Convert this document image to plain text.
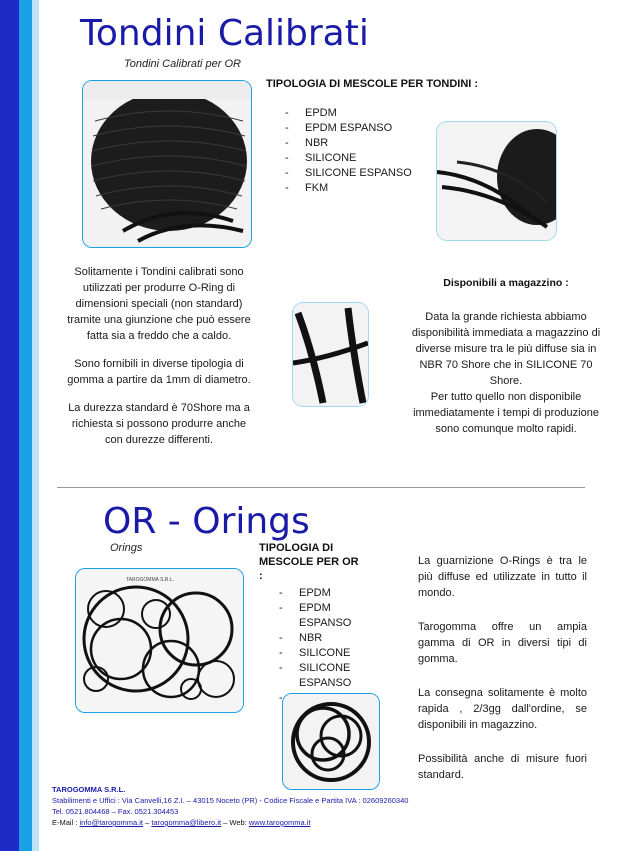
Tondini Calibrati
Tondini Calibrati per OR
TIPOLOGIA DI MESCOLE PER TONDINI :
- EPDM
- EPDM ESPANSO
- NBR
- SILICONE
- SILICONE ESPANSO
- FKM

Solitamente i Tondini calibrati sono utilizzati per produrre O-Ring di dimensioni speciali (non standard) tramite una giunzione che può essere fatta sia a freddo che a caldo.

Sono fornibili in diverse tipologia di gomma a partire da 1mm di diametro.

La durezza standard è 70Shore ma a richiesta si possono produrre anche con durezze differenti.

Disponibili a magazzino :

Data la grande richiesta abbiamo disponibilità immediata a magazzino di diverse misure tra le più diffuse sia in NBR 70 Shore che in SILICONE 70 Shore.

Per tutto quello non disponibile immediatamente i tempi di produzione sono comunque molto rapidi.

OR - Orings
Orings
TAROGOMMA S.R.L.
TIPOLOGIA DI MESCOLE PER OR :
- EPDM
- EPDM ESPANSO
- NBR
- SILICONE
- SILICONE ESPANSO
-

La guarnizione O-Rings è tra le più diffuse ed utilizzate in tutto il mondo.

Tarogomma offre un ampia gamma di OR in diversi tipi di gomma.

La consegna solitamente è molto rapida , 2/3gg dall'ordine, se disponibili in magazzino.

Possibilità anche di misure fuori standard.

TAROGOMMA S.R.L.
Stabilimenti e Uffici : Via Canvelli,16 Z.I. – 43015 Noceto (PR) - Codice Fiscale e Partita IVA : 02609260340
Tel. 0521.804468 – Fax. 0521.304453
E-Mail : info@tarogomma.it – tarogomma@libero.it – Web: www.tarogomma.it
